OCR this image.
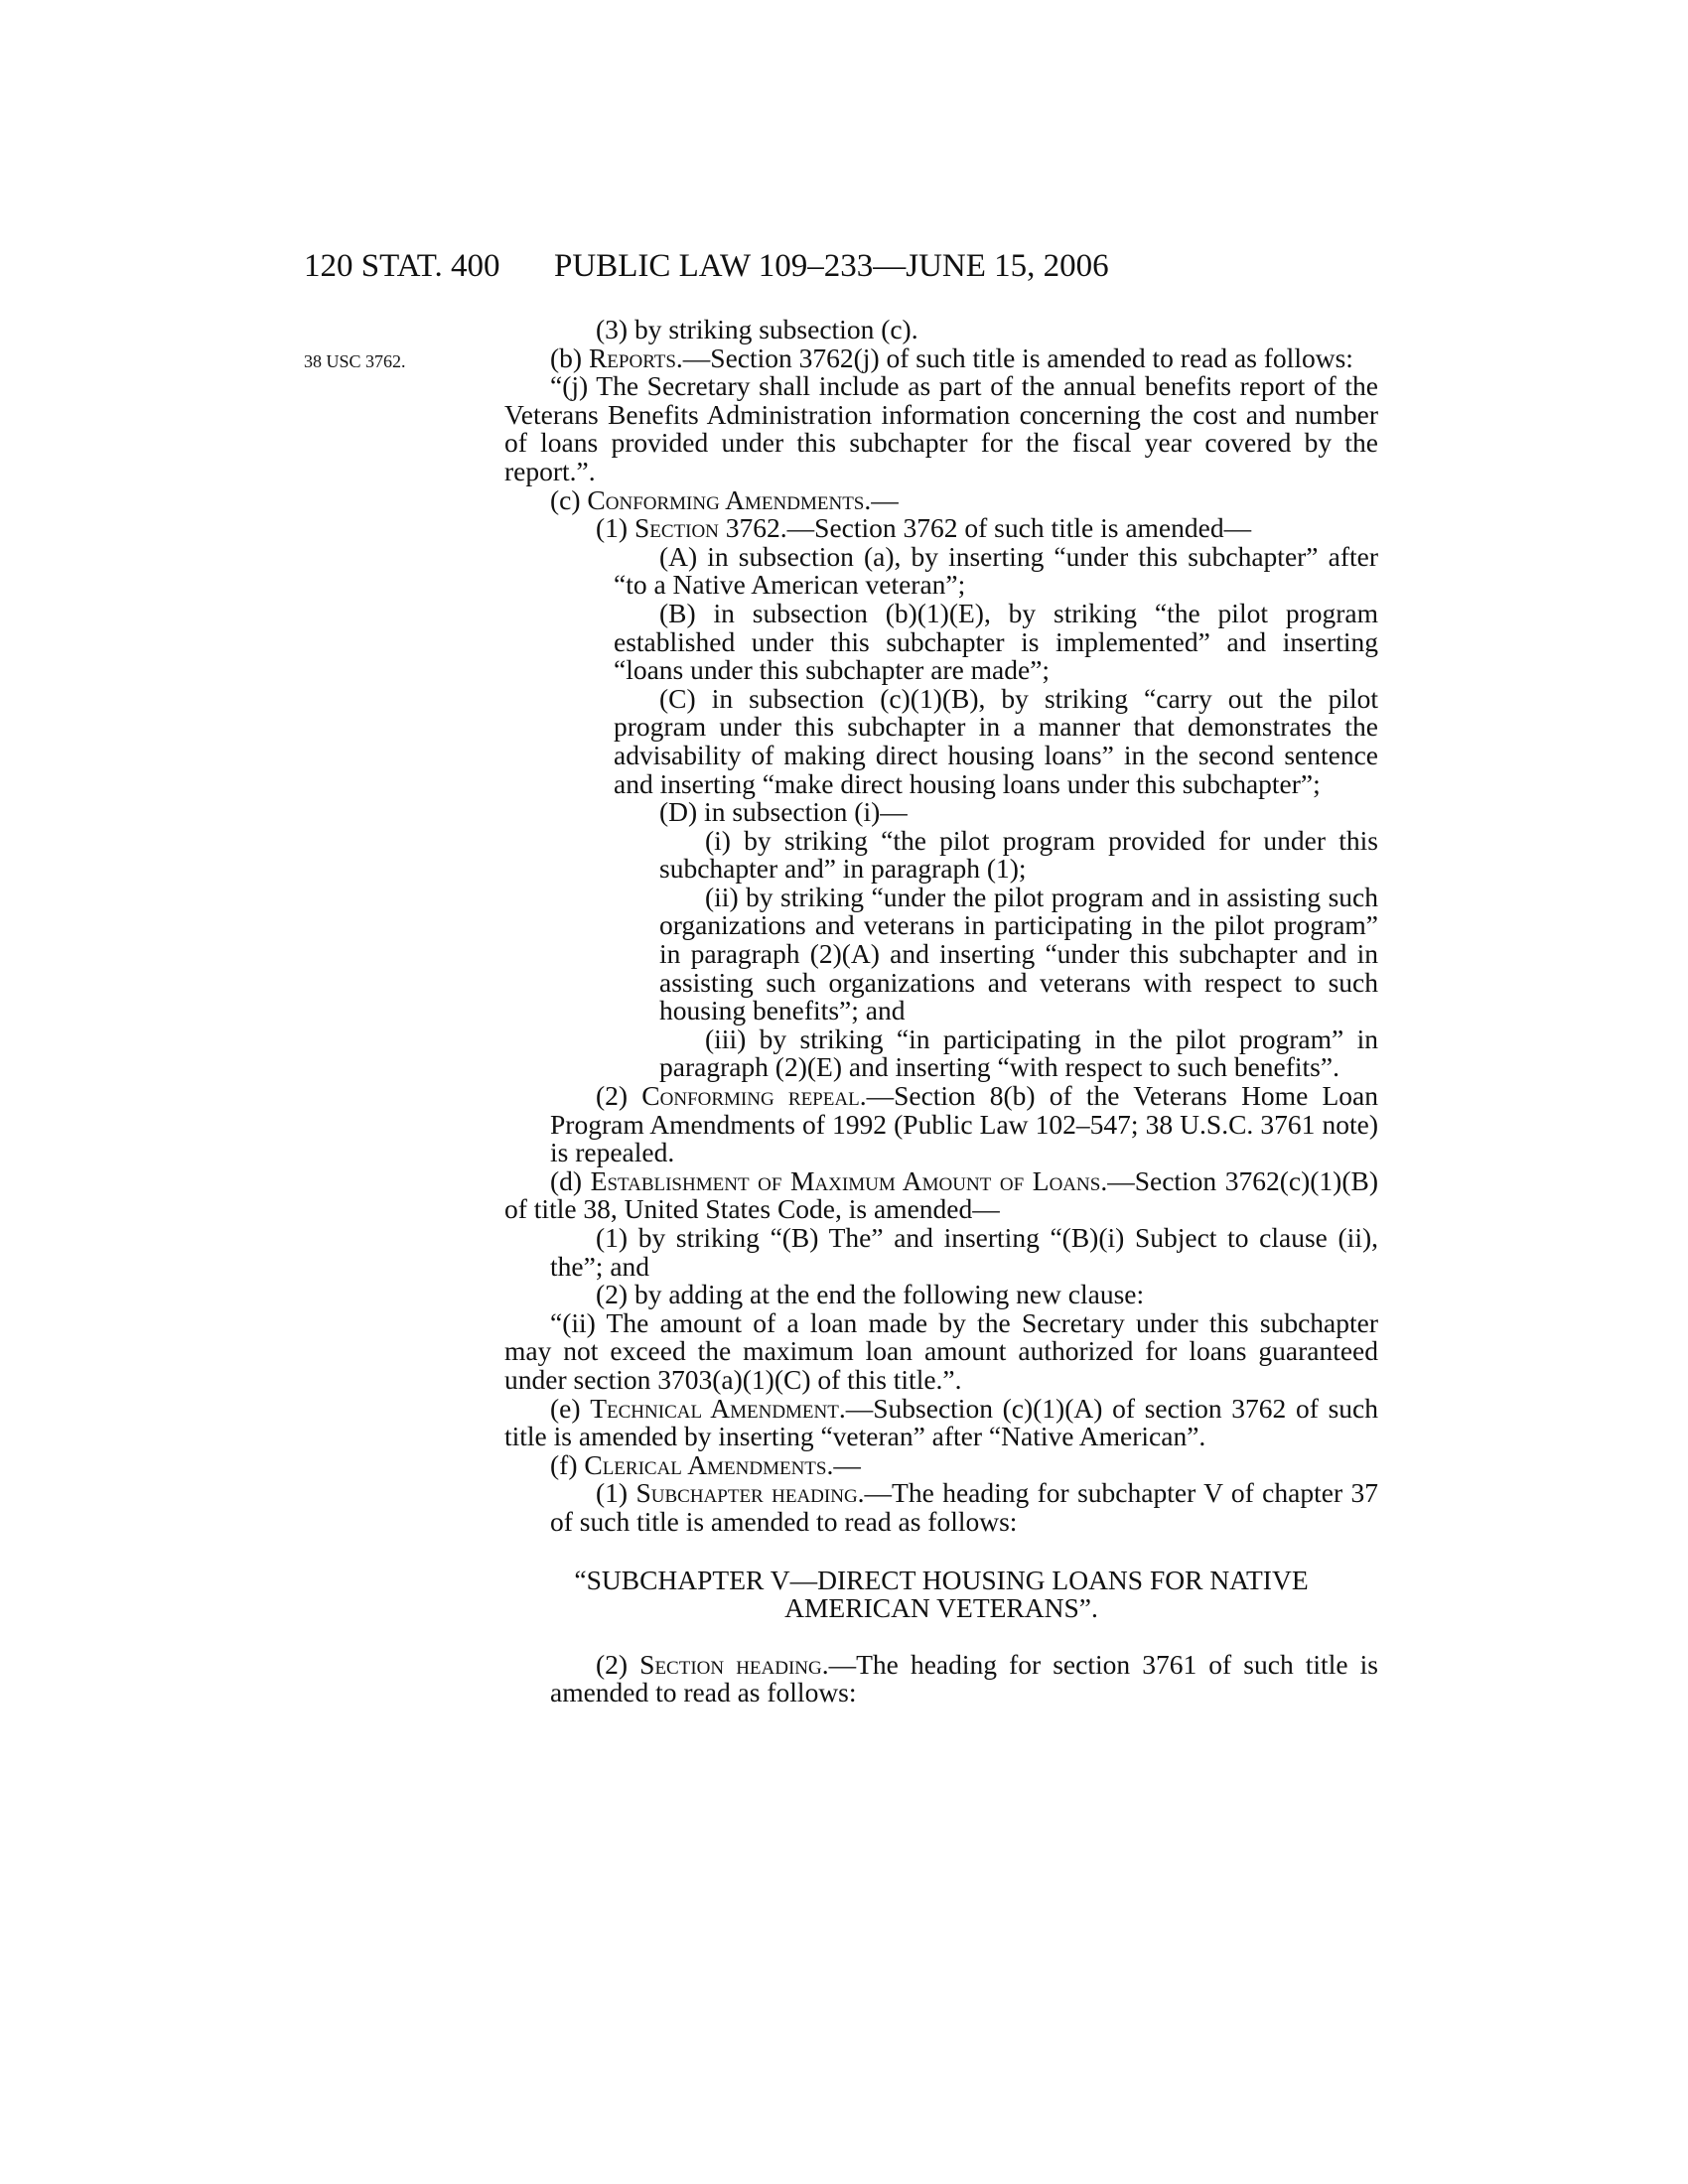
120 STAT. 400 PUBLIC LAW 109–233—JUNE 15, 2006
38 USC 3762.

(3) by striking subsection (c).

(b) Reports.—Section 3762(j) of such title is amended to read as follows:

“(j) The Secretary shall include as part of the annual benefits report of the Veterans Benefits Administration information concerning the cost and number of loans provided under this subchapter for the fiscal year covered by the report.”.

(c) Conforming Amendments.—

(1) Section 3762.—Section 3762 of such title is amended—

(A) in subsection (a), by inserting “under this subchapter” after “to a Native American veteran”;

(B) in subsection (b)(1)(E), by striking “the pilot program established under this subchapter is implemented” and inserting “loans under this subchapter are made”;

(C) in subsection (c)(1)(B), by striking “carry out the pilot program under this subchapter in a manner that demonstrates the advisability of making direct housing loans” in the second sentence and inserting “make direct housing loans under this subchapter”;

(D) in subsection (i)—

(i) by striking “the pilot program provided for under this subchapter and” in paragraph (1);

(ii) by striking “under the pilot program and in assisting such organizations and veterans in participating in the pilot program” in paragraph (2)(A) and inserting “under this subchapter and in assisting such organizations and veterans with respect to such housing benefits”; and

(iii) by striking “in participating in the pilot program” in paragraph (2)(E) and inserting “with respect to such benefits”.

(2) Conforming repeal.—Section 8(b) of the Veterans Home Loan Program Amendments of 1992 (Public Law 102–547; 38 U.S.C. 3761 note) is repealed.

(d) Establishment of Maximum Amount of Loans.—Section 3762(c)(1)(B) of title 38, United States Code, is amended—

(1) by striking “(B) The” and inserting “(B)(i) Subject to clause (ii), the”; and

(2) by adding at the end the following new clause:

“(ii) The amount of a loan made by the Secretary under this subchapter may not exceed the maximum loan amount authorized for loans guaranteed under section 3703(a)(1)(C) of this title.”.

(e) Technical Amendment.—Subsection (c)(1)(A) of section 3762 of such title is amended by inserting “veteran” after “Native American”.

(f) Clerical Amendments.—

(1) Subchapter heading.—The heading for subchapter V of chapter 37 of such title is amended to read as follows:

“SUBCHAPTER V—DIRECT HOUSING LOANS FOR NATIVE AMERICAN VETERANS”.

(2) Section heading.—The heading for section 3761 of such title is amended to read as follows:
